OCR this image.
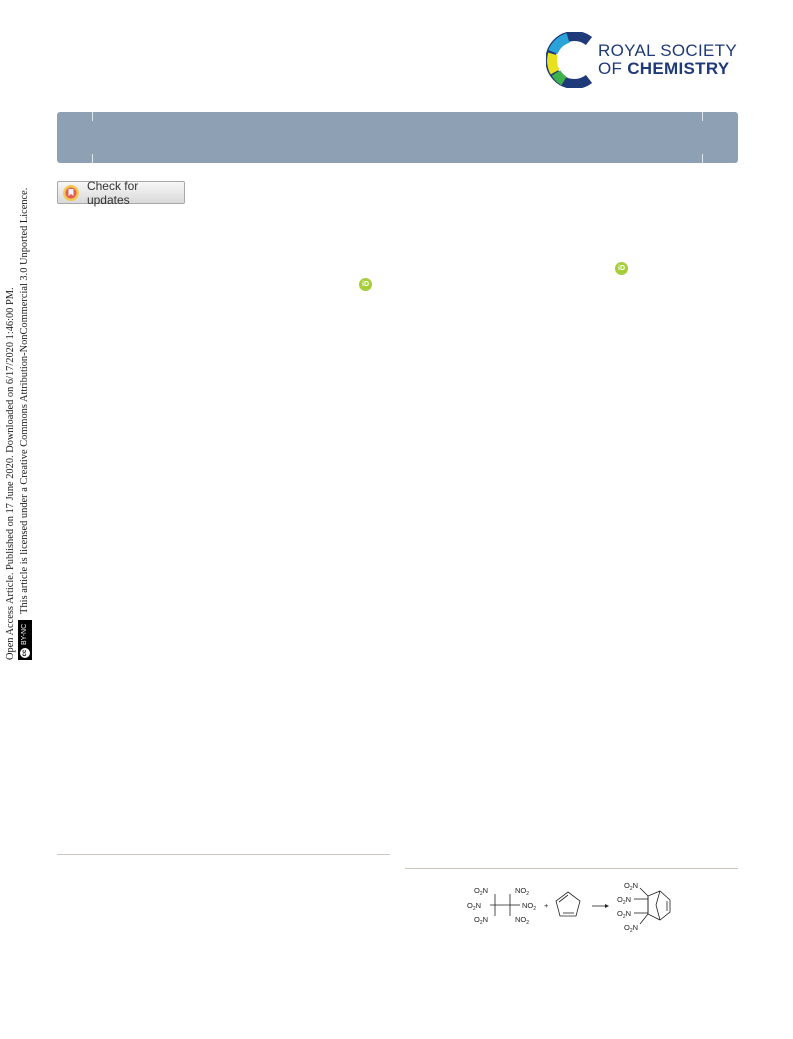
ROYAL SOCIETY
OF CHEMISTRY
Check for updates
iD
iD
Open Access Article. Published on 17 June 2020. Downloaded on 6/17/2020 1:46:00 PM.	cc
BY-NC
This article is licensed under a Creative Commons Attribution-NonCommercial 3.0 Unported Licence.
$O_2N$
$O_2N$
$O_2N$
$NO_2$
$NO_2$
$NO_2$
+
$O_2N$
$O_2N$
$O_2N$
$O_2N$
